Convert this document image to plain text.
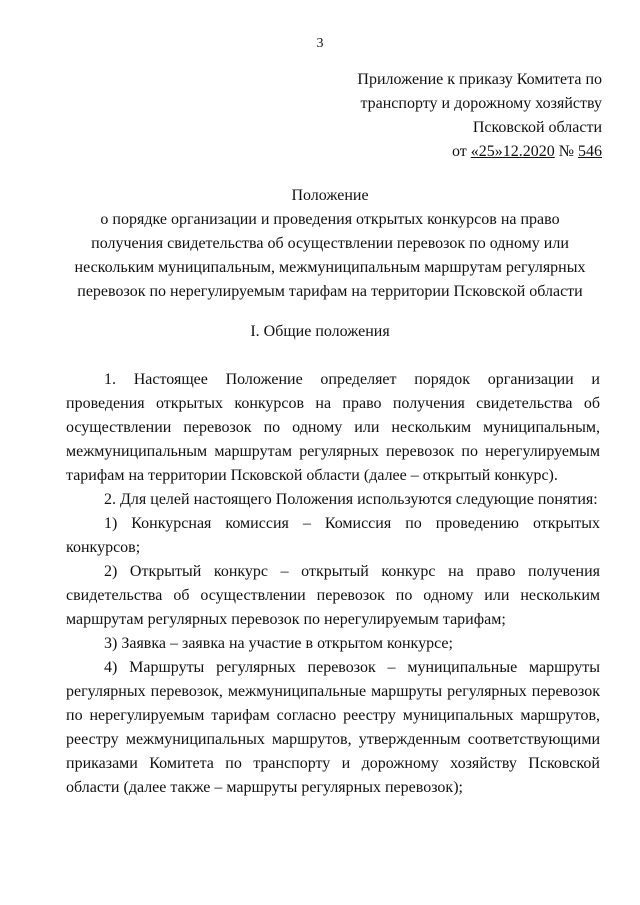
3
Приложение к приказу Комитета по
транспорту и дорожному хозяйству
Псковской области
от «25»12.2020 № 546
Положение
о порядке организации и проведения открытых конкурсов на право
получения свидетельства об осуществлении перевозок по одному или
нескольким муниципальным, межмуниципальным маршрутам регулярных
перевозок по нерегулируемым тарифам на территории Псковской области
I. Общие положения

1. Настоящее Положение определяет порядок организации и проведения открытых конкурсов на право получения свидетельства об осуществлении перевозок по одному или нескольким муниципальным, межмуниципальным маршрутам регулярных перевозок по нерегулируемым тарифам на территории Псковской области (далее – открытый конкурс).

2. Для целей настоящего Положения используются следующие понятия:

1) Конкурсная комиссия – Комиссия по проведению открытых конкурсов;

2) Открытый конкурс – открытый конкурс на право получения свидетельства об осуществлении перевозок по одному или нескольким маршрутам регулярных перевозок по нерегулируемым тарифам;

3) Заявка – заявка на участие в открытом конкурсе;

4) Маршруты регулярных перевозок – муниципальные маршруты регулярных перевозок, межмуниципальные маршруты регулярных перевозок по нерегулируемым тарифам согласно реестру муниципальных маршрутов, реестру межмуниципальных маршрутов, утвержденным соответствующими приказами Комитета по транспорту и дорожному хозяйству Псковской области (далее также – маршруты регулярных перевозок);
